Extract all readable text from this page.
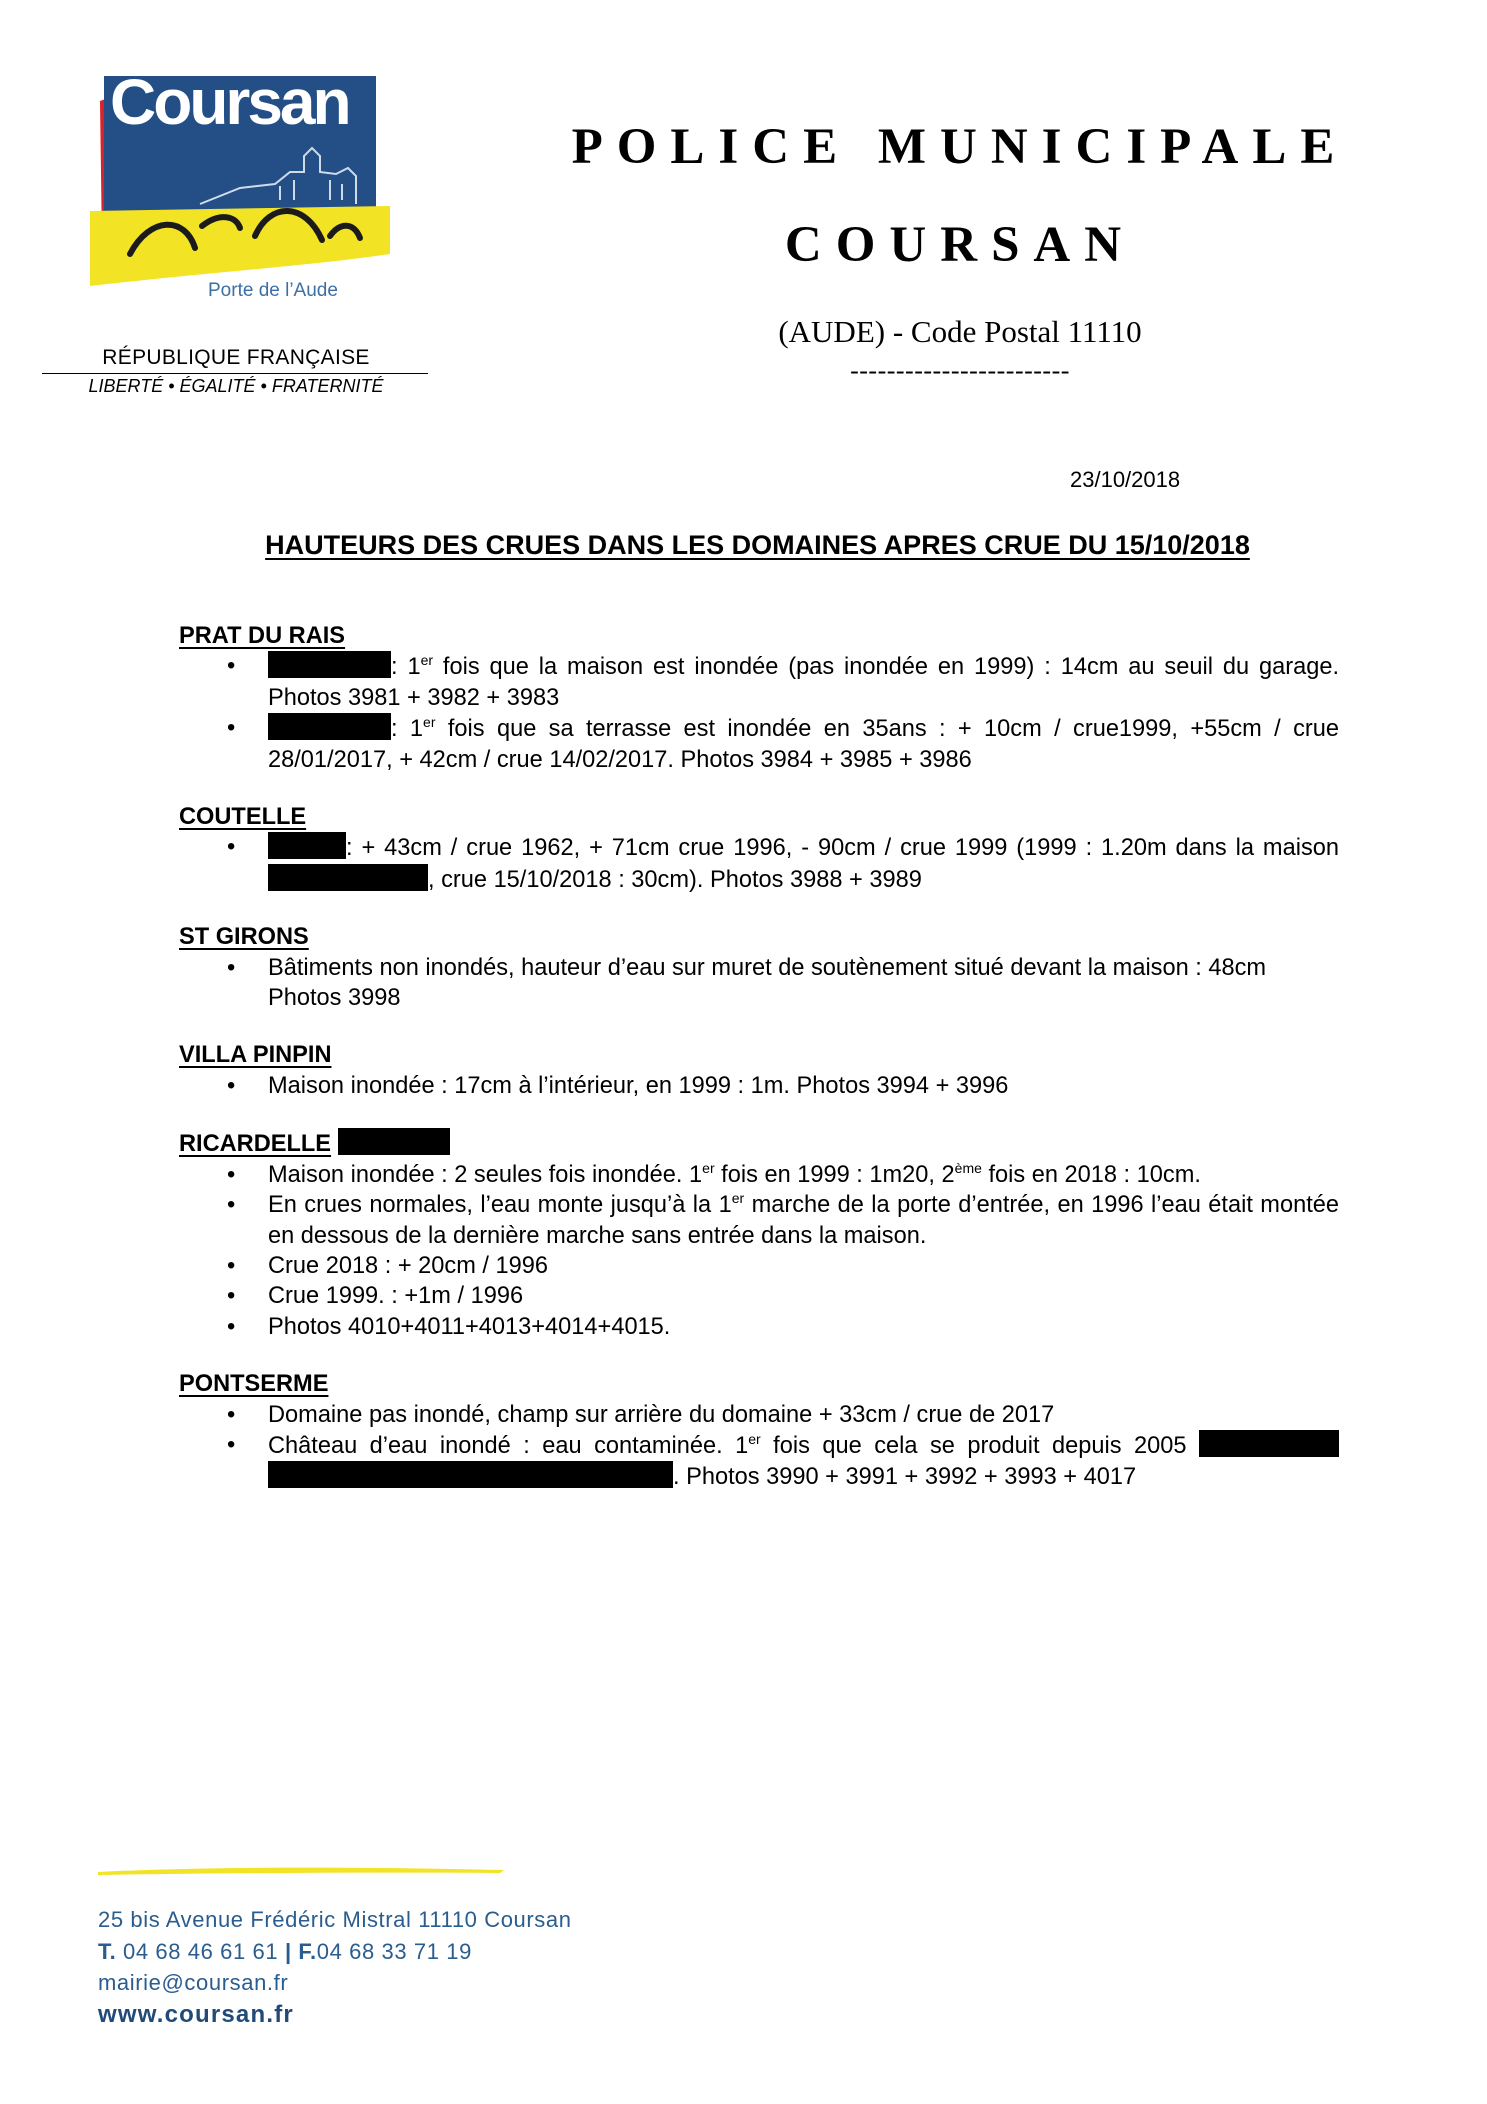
Coursan
Porte de l’Aude
RÉPUBLIQUE FRANÇAISE
LIBERTÉ • ÉGALITÉ • FRATERNITÉ
POLICE MUNICIPALE
COURSAN
(AUDE) - Code Postal 11110
------------------------
23/10/2018
HAUTEURS DES CRUES DANS LES DOMAINES APRES CRUE DU 15/10/2018
PRAT DU RAIS
•	: 1er fois que la maison est inondée (pas inondée en 1999) : 14cm au seuil du garage. Photos 3981 + 3982 + 3983
•	: 1er fois que sa terrasse est inondée en 35ans : + 10cm / crue1999, +55cm / crue 28/01/2017, + 42cm / crue 14/02/2017. Photos 3984 + 3985 + 3986
COUTELLE
•	: + 43cm / crue 1962, + 71cm crue 1996, - 90cm / crue 1999 (1999 : 1.20m dans la maison , crue 15/10/2018 : 30cm). Photos 3988 + 3989
ST GIRONS
• Bâtiments non inondés, hauteur d’eau sur muret de soutènement situé devant la maison : 48cm Photos 3998
VILLA PINPIN
• Maison inondée : 17cm à l’intérieur, en 1999 : 1m. Photos 3994 + 3996
RICARDELLE
• Maison inondée : 2 seules fois inondée. 1er fois en 1999 : 1m20, 2ème fois en 2018 : 10cm.
• En crues normales, l’eau monte jusqu’à la 1er marche de la porte d’entrée, en 1996 l’eau était montée en dessous de la dernière marche sans entrée dans la maison.
• Crue 2018 : + 20cm / 1996
• Crue 1999. : +1m / 1996
• Photos 4010+4011+4013+4014+4015.
PONTSERME
• Domaine pas inondé, champ sur arrière du domaine + 33cm / crue de 2017
• Château d’eau inondé : eau contaminée. 1er fois que cela se produit depuis 2005  . Photos 3990 + 3991 + 3992 + 3993 + 4017
25 bis Avenue Frédéric Mistral 11110 Coursan
T. 04 68 46 61 61 | F.04 68 33 71 19
mairie@coursan.fr
www.coursan.fr
